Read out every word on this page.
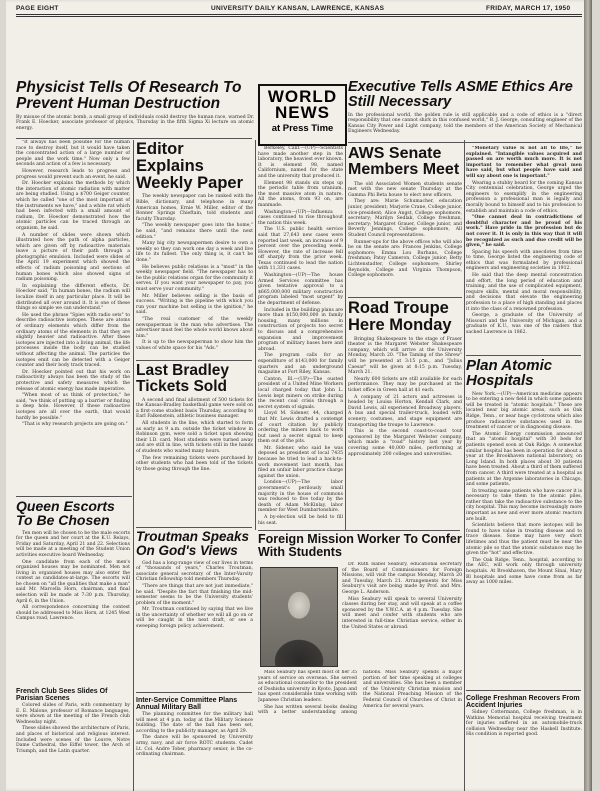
PAGE EIGHT	UNIVERSITY DAILY KANSAN, LAWRENCE, KANSAS	FRIDAY, MARCH 17, 1950
Physicist Tells Of Research To Prevent Human Destruction
By misuse of the atomic bomb, a small group of individuals could destroy the human race, warned Dr. Frank E. Hoecker, associate professor of physics, Thursday in the fifth Sigma Xi lecture on atomic energy.

"It always has been possible for the human race to destroy itself, but it would have taken the concentrated action of a large number of people and the work time." Now only a few seconds and action of a few is necessary.

However, research leads to progress and progress would prevent such an event, he said.

Dr. Hoecker explains the methods by which the interaction of atomic radiation with matter are being studied. Using a $700 Geiger counter, which he called "one of the most important of the instruments we have," and a white rat which had been infected with a small amount of radium, Dr. Hoecker demonstrated how the atomic particles can be traced through an organism, he said.

A number of slides were shown which illustrated how the path of alpha particles, which are given off by radioactive materials leave a picture of their path through a photographic emulsion. Included were slides of the April 19 experiment which showed the effects of radium poisoning and sections of human bones which also showed signs of radium poisoning.

In explaining the different effects, Dr. Hoecker said, "In human bones, the radium will localize itself in any particular place. It will be distributed all over around it. It is one of these things so simple we can understand."

He used the phrase "Spies with radio sets" to describe radioactive isotopes. These are atoms of ordinary elements which differ from the ordinary atoms of the elements in that they are slightly heavier and radioactive. After these isotopes are injected into a living animal, the life processes inside the body can be studied without affecting the animal. The particles the isotopes emit can be detected with a Geiger counter and their body track traced.

Dr. Hoecker pointed out that his work on radioactivity always has been the study of the protective and safety measures which the release of atomic energy has made imperative.

"When most of us think of protection," he said, "we think of putting up a barrier or finding a deep hole. However, if these radioactive isotopes are all over the earth, that would hardly be possible."

"That is why research projects are going on."

Queen Escorts To Be Chosen

Ten men will be chosen to be the male escorts for the queen and her court at the K.U. Relays, Friday and Saturday, April 21 and 22. Selections will be made at a meeting of the Student Union activities executive board Wednesday.

One candidate from each of the men's organized houses may be nominated. Men not living in organized houses may also enter the contest as candidates-at-large. The escorts will be chosen on "all the qualities that make a man" said Mr. Marcella Horn, chairman, and final selection will be made at 7:30 p.m. Thursday, April 6, in the Union.

All correspondence concerning the contest should be addressed to Miss Horn, at 1245 West Campus road, Lawrence.

French Club Sees Slides Of Parisian Scenes

Colored slides of Paris, with commentary by E. E. Malone, professor of Romance languages, were shown at the meeting of the French club Wednesday night.

These slides showed the architecture of Paris, and places of historical and religious interest. Included were scenes of the Louvre, Notre Dame Cathedral, the Eiffel tower, the Arch of Triumph, and the Latin quarter.

Editor Explains Weekly Paper

The weekly newspaper can be ranked with the Bible, dictionary, and telephone in many American homes, Ernie W. Miller, editor of the Bonner Springs Chieftain, told students and faculty Thursday.

"The weekly newspaper goes into the home," he said, "and remains there until the next edition."

Many big city newspapermen desire to own a weekly so they can work one day a week and live life to its fullest. The only thing is, it can't be done."

He believes public relations is a "must" in the weekly newspaper field. "The newspaper has to be the public relations organ for the community it serves. If you want your newspaper to pay, you must serve your community."

Mr. Miller believes selling is the basis of success. "Writing is the pipeline with which you run your machine but selling is the ignition," he said.

"The real customer of the weekly newspaperman is the man who advertises. The advertiser must feel the whole world knows about him."

It is up to the newspaperman to show him the values of white space for his "Ads."

Last Bradley Tickets Sold

A second and final allotment of 500 tickets for the Kansas-Bradley basketball game were sold on a first-come student basis Thursday, according to Earl Falkenstein, athletic business manager.

All students in the line, which started to form as early as 9 a.m. outside the ticket window in Robinson gym, were sold a ticket upon showing their I.D. card. Most students were turned away and are still in line, with tickets still in the hands of students who waited many hours.

The few remaining tickets were purchased by other students who had been told of the tickets by those going through the line.

Troutman Speaks On God's Views

God has a long-range view of our lives in terms of "thousands of years," Charles Troutman, associate general secretary of the Inter-Varsity Christian fellowship told members Thursday.

"There are things that are not just immediate," he said. "Despite the fact that finishing the mid-semester seems to be the University students' problem of the moment."

Mr. Troutman continued by saying that we live in the uncertainty of whether we will all go on or will be caught in the next draft, or see a sweeping foreign policy achievement.

Inter-Service Committee Plans Annual Military Ball

The planning committee for the military ball will meet at 4 p.m. today at the Military Science building. The date of the ball has been set, according to the publicity manager, as April 29.

The dance will be sponsored by University army, navy, and air force ROTC students. Cadet Lt. Col. Andre Tober, pharmacy senior, is the co-ordinating chairman.

WORLD NEWS
at Press Time

Berkeley, Calif.—(UP)—Scientists have made another step in the laboratory, the heaviest ever known. It is element 98, named Californium, named for the state and the university that produced it.

Element 98 stands six steps up the periodic table from uranium, the most massive atom in nature. All the atoms, from 93 on, are manmade.

Washington—(UP)—Influenza cases continued to rise throughout the nation this week.

The U.S. public health service said that 27,643 new cases were reported last week, an increase of 9 percent over the preceding week. However, the rate of increase fell off sharply from the prior week. Texas continued to lead the nation with 11,331 cases.

Washington—(UP)—The house Armed Services committee has given tentative approval to a $665,000,000 military construction program labeled "most urgent" by the department of defense.

Included in the building plans are more than $150,000,000 in family housing, many millions in construction of projects too secret to discuss and a comprehensive expansion and improvement program of military bases here and abroad.

The program calls for an expenditure of $143,000 for family quarters and an underground magazine at Fort Riley, Kansas.

Canton, Ill.—(UP)—The ousted president of a United Mine Workers local charged today that John L. Lewis kept miners on strike during the recent coal crisis through a secret system of signals.

Lloyd M. Sidener, 44, charged that Mr. Lewis drafted a contempt of court citation by publicly ordering the miners back to work but used a secret signal to keep them out of the pits.

Mr. Sidener, who said he was deposed as president of local 7435 because he tried to lead a back-to-work movement last month, has filed an unfair labor practice charge against the union.

London—(UP)—The labor government's perilously small majority in the house of commons was reduced to five today by the death of Adam McKinlay, labor member for West Dumbartonshire.

A by-election will be held to fill his seat.

Executive Tells ASME Ethics Are Still Necessary
In the professional world, the golden rule is still applicable and a code of ethics is a "direct responsibility that one cannot shirk in this confused world," B. J. George, consulting engineer of the Kansas City Power and Light company, told the members of the American Society of Mechanical Engineers Wednesday.
AWS Senate Members Meet

The old Associated Women students senate met with the new senate Thursday at the Gamma Phi Beta house to elect new officers.

They are: Marie Schumacher, education junior, president; Marjorie Crane, College junior, vice-president; Alice Angst, College sophomore, secretary; Marilyn Sedlak, College freshman, secretary; Margaret Grauer, College junior, and Beverly Jennings, College sophomore, All Student Council representatives.

Runner-ups for the above offices who will also be on the senate are: Frances Jenkins, College sophomore; Emma Lou Burhans, College freshman; Patsy Cameron, College junior; Betty Lichtenstadter, College sophomore; Shirley Reynolds, College and Virginia Thompson, College sophomore.

Road Troupe Here Monday

Bringing Shakespeare to the stage of Fraser theater is the Margaret Webster Shakespeare company, which will arrive at the University Monday, March 20. "The Taming of the Shrew" will be presented at 3:15 p.m., and "Julius Caesar" will be given at 8:15 p.m. Tuesday, March 21.

Nearly 600 tickets are still available for each performance. They may be purchased at the ticket office in Green hall at $1 each.

A company of 21 actors and actresses is headed by Louisa Horton, Kendall Clark, and David Lewis, all experienced Broadway players. A bus and special trailer-truck, loaded with scenery, costumes, and stage equipment are transporting the troupe to Lawrence.

This is the second coast-to-coast tour sponsored by the Margaret Webster company, which made a "road" history last year by covering some 40,000 miles, performing at approximately 200 colleges and universities.

"Monetary value is not all to life," he explained. "Intangible values acquired and passed on are worth much more. It is not important to remember what great men have said, but what people have said and will say about one is important."

Wearing a stubby beard for the coming Kansas City centennial celebration, George urged the engineers to exemplify in the engineering profession a professional man is legally and morally bound to himself and to his profession to establish and maintain a code of ethics.

"One cannot deal in contradictions of doubtful character and be proud of his work." Have pride in the profession but do not cover it. It is only in this way that it will be recognized as such and due credit will be given," he said.

Spacing his speech with anecdotes from time to time, George listed the engineering code of ethics that was formulated by professional engineers and engineering societies in 1912.

He said that the deep mental concentration and effort, the long period of education and training, and the use of complicated equipment, require skills, mental and moral responsibility, and decisions that elevate the engineering profession to a place of high standing and places it into the class of a renowned profession.

George, a graduate of the University of Missouri and the University of Michigan, and a graduate of K.U., was one of the raiders that sacked Lawrence in 1862.

Plan Atomic Hospitals

New York.—(UP)—American medicine appears to be entering a new field in which some patients will be treated in "atomic hospitals." These are located near big atomic areas, such as Oak Ridge, Tenn., or near huge cyclotrons which also produce radioactive substances used in the treatment of cancer or in diagnosing disease.

The Atomic Energy commission announced that an "atomic hospital" with 30 beds for patients opened soon at Oak Ridge. A somewhat similar hospital has been in operation for about a year at the Brookhaven national laboratory, on Long Island. In both places about 30 patients have been treated. About a third of them suffered from cancer. A third were treated at a hospital as patients at the Argonne laboratories in Chicago, and some patients.

In treating some patients who have cancer it is necessary to take them to the atomic piles, rather than take the radioactive substance to the city hospital. This may become increasingly more important as new and ever more atomic reactors are built.

Scientists believe that more isotopes will be found to have value in treating disease and to trace disease. Some may have very short lifetimes and thus the patient must be near the atomic pile so that the atomic substance may be given the "hot" and effective.

The Oak Ridge, Tenn., hospital, according to the AEC, will work only through university hospitals. At Brookhaven, the Mount Sinai, Mary Bl hospitals and some have come from as far away as 1000 miles.

College Freshman Recovers From Accident Injuries

Sidney Cottermann, College freshman, is in Watkins Memorial hospital receiving treatment for injuries suffered in an automobile-truck collision Wednesday near the Haskell Institute. His condition is reported good.

Foreign Mission Worker To Confer With Students

Dr. Ruth Isabel Seabury, educational secretary of the Board of Commissioners for Foreign Missions, will visit the campus Monday, March 20 and Tuesday, March 21. Arrangements for Miss Seabury's visit are being made by Prof. and Mrs. George L. Anderson.

Miss Seabury will speak to several University classes during her stay, and will speak at a coffee sponsored by the Y.W.C.A. at 4 p.m. Tuesday. She will meet and confer with students who are interested in full-time Christian service, either in the United States or abroad.

Miss Seabury has spent most of her 35 years of service on overseas. She served as educational counsellor to the president of Doshisha university in Kyoto, Japan and has spent considerable time working with Japanese Christian leaders.

She has written several books dealing with a better understanding among nations. Miss Seabury spends a major portion of her time speaking at colleges and universities. She has been a member of the University Christian mission and the National Preaching Mission of the Federal Council of Churches of Christ in America for several years.
